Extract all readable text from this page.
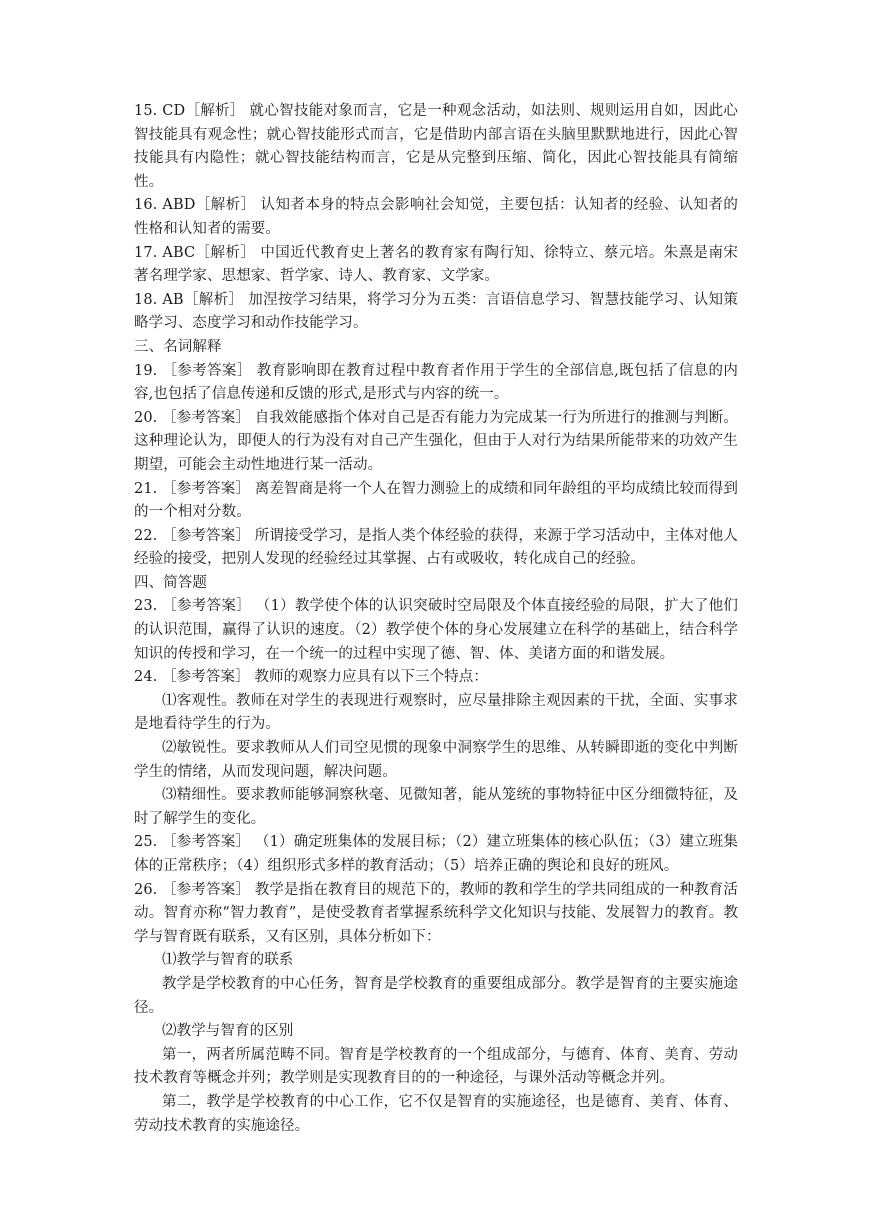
15. CD［解析］ 就心智技能对象而言，它是一种观念活动，如法则、规则运用自如，因此心智技能具有观念性；就心智技能形式而言，它是借助内部言语在头脑里默默地进行，因此心智技能具有内隐性；就心智技能结构而言，它是从完整到压缩、简化，因此心智技能具有简缩性。

16. ABD［解析］ 认知者本身的特点会影响社会知觉，主要包括：认知者的经验、认知者的性格和认知者的需要。

17. ABC［解析］ 中国近代教育史上著名的教育家有陶行知、徐特立、蔡元培。朱熹是南宋著名理学家、思想家、哲学家、诗人、教育家、文学家。

18. AB［解析］ 加涅按学习结果，将学习分为五类：言语信息学习、智慧技能学习、认知策略学习、态度学习和动作技能学习。

三、名词解释

19. ［参考答案］ 教育影响即在教育过程中教育者作用于学生的全部信息,既包括了信息的内容,也包括了信息传递和反馈的形式,是形式与内容的统一。

20. ［参考答案］ 自我效能感指个体对自己是否有能力为完成某一行为所进行的推测与判断。这种理论认为，即便人的行为没有对自己产生强化，但由于人对行为结果所能带来的功效产生期望，可能会主动性地进行某一活动。

21. ［参考答案］ 离差智商是将一个人在智力测验上的成绩和同年龄组的平均成绩比较而得到的一个相对分数。

22. ［参考答案］ 所谓接受学习，是指人类个体经验的获得，来源于学习活动中，主体对他人经验的接受，把别人发现的经验经过其掌握、占有或吸收，转化成自己的经验。

四、简答题

23. ［参考答案］ （1）教学使个体的认识突破时空局限及个体直接经验的局限，扩大了他们的认识范围，赢得了认识的速度。（2）教学使个体的身心发展建立在科学的基础上，结合科学知识的传授和学习，在一个统一的过程中实现了德、智、体、美诸方面的和谐发展。

24. ［参考答案］ 教师的观察力应具有以下三个特点：

⑴客观性。教师在对学生的表现进行观察时，应尽量排除主观因素的干扰，全面、实事求是地看待学生的行为。

⑵敏锐性。要求教师从人们司空见惯的现象中洞察学生的思维、从转瞬即逝的变化中判断学生的情绪，从而发现问题，解决问题。

⑶精细性。要求教师能够洞察秋毫、见微知著，能从笼统的事物特征中区分细微特征，及时了解学生的变化。

25. ［参考答案］ （1）确定班集体的发展目标；（2）建立班集体的核心队伍；（3）建立班集体的正常秩序；（4）组织形式多样的教育活动；（5）培养正确的舆论和良好的班风。

26. ［参考答案］ 教学是指在教育目的规范下的，教师的教和学生的学共同组成的一种教育活动。智育亦称“智力教育”，是使受教育者掌握系统科学文化知识与技能、发展智力的教育。教学与智育既有联系，又有区别，具体分析如下：

⑴教学与智育的联系

教学是学校教育的中心任务，智育是学校教育的重要组成部分。教学是智育的主要实施途径。

⑵教学与智育的区别

第一，两者所属范畴不同。智育是学校教育的一个组成部分，与德育、体育、美育、劳动技术教育等概念并列；教学则是实现教育目的的一种途径，与课外活动等概念并列。

第二，教学是学校教育的中心工作，它不仅是智育的实施途径，也是德育、美育、体育、劳动技术教育的实施途径。
